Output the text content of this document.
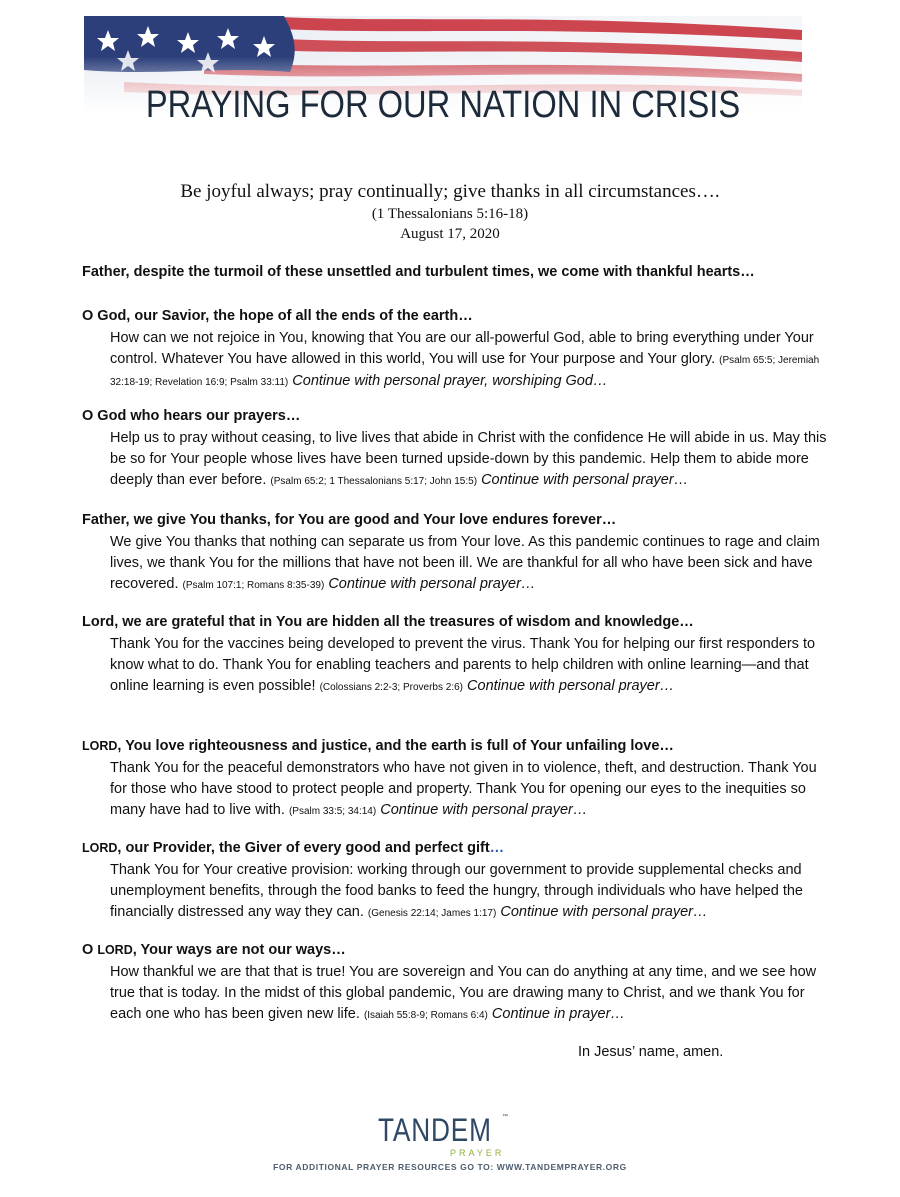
PRAYING FOR OUR NATION IN CRISIS
Be joyful always; pray continually; give thanks in all circumstances….
(1 Thessalonians 5:16-18)
August 17, 2020
Father, despite the turmoil of these unsettled and turbulent times, we come with thankful hearts…

O God, our Savior, the hope of all the ends of the earth…

How can we not rejoice in You, knowing that You are our all-powerful God, able to bring everything under Your control. Whatever You have allowed in this world, You will use for Your purpose and Your glory. (Psalm 65:5; Jeremiah 32:18-19; Revelation 16:9; Psalm 33:11) Continue with personal prayer, worshiping God…

O God who hears our prayers…

Help us to pray without ceasing, to live lives that abide in Christ with the confidence He will abide in us. May this be so for Your people whose lives have been turned upside-down by this pandemic. Help them to abide more deeply than ever before. (Psalm 65:2; 1 Thessalonians 5:17; John 15:5) Continue with personal prayer…

Father, we give You thanks, for You are good and Your love endures forever…

We give You thanks that nothing can separate us from Your love. As this pandemic continues to rage and claim lives, we thank You for the millions that have not been ill. We are thankful for all who have been sick and have recovered. (Psalm 107:1; Romans 8:35-39) Continue with personal prayer…

Lord, we are grateful that in You are hidden all the treasures of wisdom and knowledge…

Thank You for the vaccines being developed to prevent the virus. Thank You for helping our first responders to know what to do. Thank You for enabling teachers and parents to help children with online learning—and that online learning is even possible! (Colossians 2:2-3; Proverbs 2:6) Continue with personal prayer…

LORD, You love righteousness and justice, and the earth is full of Your unfailing love…

Thank You for the peaceful demonstrators who have not given in to violence, theft, and destruction. Thank You for those who have stood to protect people and property. Thank You for opening our eyes to the inequities so many have had to live with. (Psalm 33:5; 34:14) Continue with personal prayer…

LORD, our Provider, the Giver of every good and perfect gift…

Thank You for Your creative provision: working through our government to provide supplemental checks and unemployment benefits, through the food banks to feed the hungry, through individuals who have helped the financially distressed any way they can. (Genesis 22:14; James 1:17) Continue with personal prayer…

O LORD, Your ways are not our ways…

How thankful we are that that is true! You are sovereign and You can do anything at any time, and we see how true that is today. In the midst of this global pandemic, You are drawing many to Christ, and we thank You for each one who has been given new life. (Isaiah 55:8-9; Romans 6:4) Continue in prayer…
In Jesus’ name, amen.
TANDEM ™
PRAYER
FOR ADDITIONAL PRAYER RESOURCES GO TO: WWW.TANDEMPRAYER.ORG
